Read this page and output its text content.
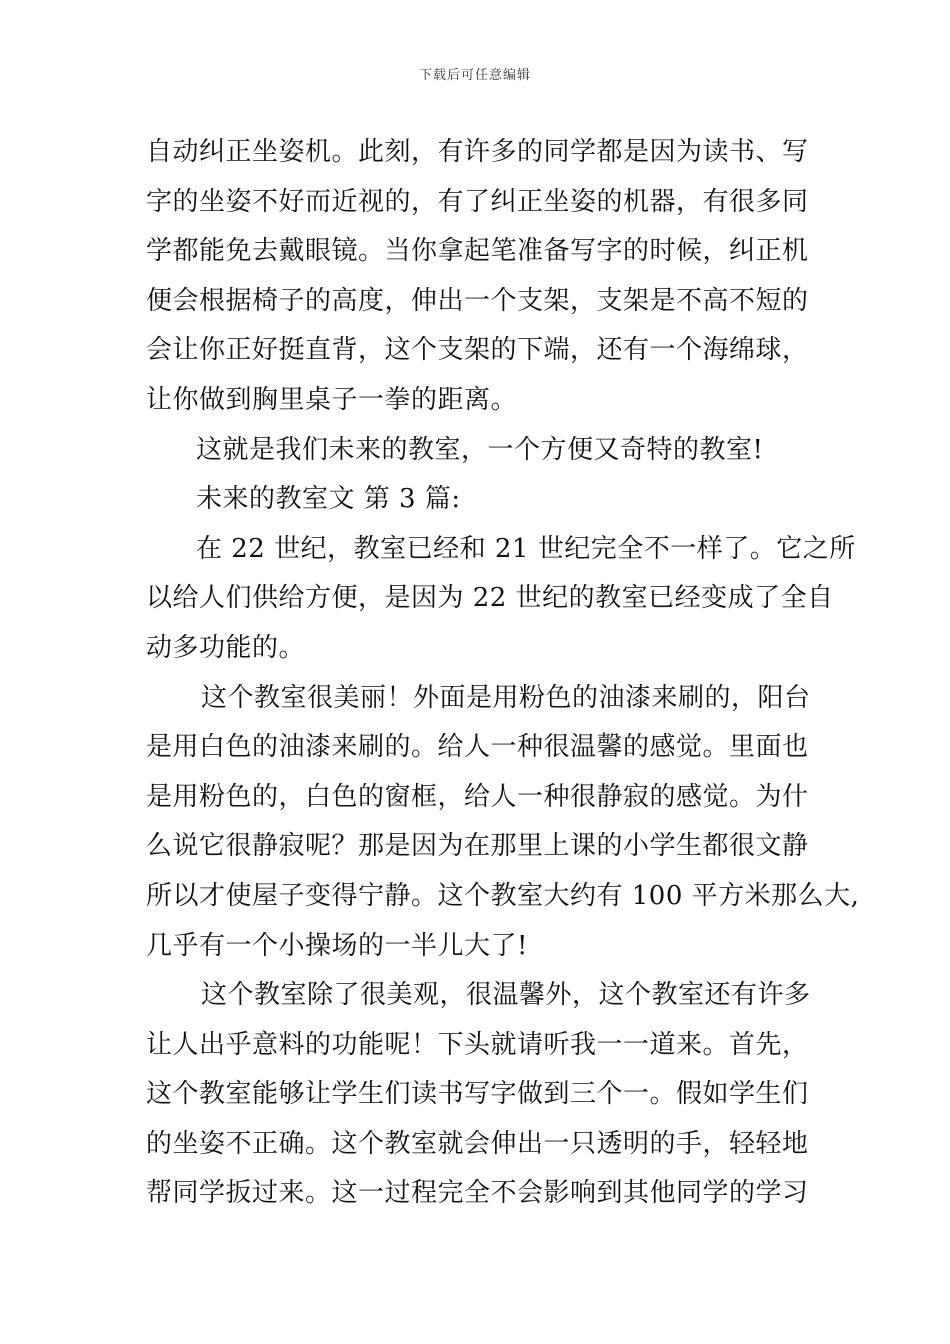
下载后可任意编辑
自动纠正坐姿机。此刻，有许多的同学都是因为读书、写
字的坐姿不好而近视的，有了纠正坐姿的机器，有很多同
学都能免去戴眼镜。当你拿起笔准备写字的时候，纠正机
便会根据椅子的高度，伸出一个支架，支架是不高不短的
会让你正好挺直背，这个支架的下端，还有一个海绵球，
让你做到胸里桌子一拳的距离。
这就是我们未来的教室，一个方便又奇特的教室!
未来的教室文 第 3 篇:
在 22 世纪，教室已经和 21 世纪完全不一样了。它之所
以给人们供给方便，是因为 22 世纪的教室已经变成了全自
动多功能的。
这个教室很美丽！外面是用粉色的油漆来刷的，阳台
是用白色的油漆来刷的。给人一种很温馨的感觉。里面也
是用粉色的，白色的窗框，给人一种很静寂的感觉。为什
么说它很静寂呢？那是因为在那里上课的小学生都很文静
所以才使屋子变得宁静。这个教室大约有 100 平方米那么大,
几乎有一个小操场的一半儿大了!
这个教室除了很美观，很温馨外，这个教室还有许多
让人出乎意料的功能呢！下头就请听我一一道来。首先，
这个教室能够让学生们读书写字做到三个一。假如学生们
的坐姿不正确。这个教室就会伸出一只透明的手，轻轻地
帮同学扳过来。这一过程完全不会影响到其他同学的学习
